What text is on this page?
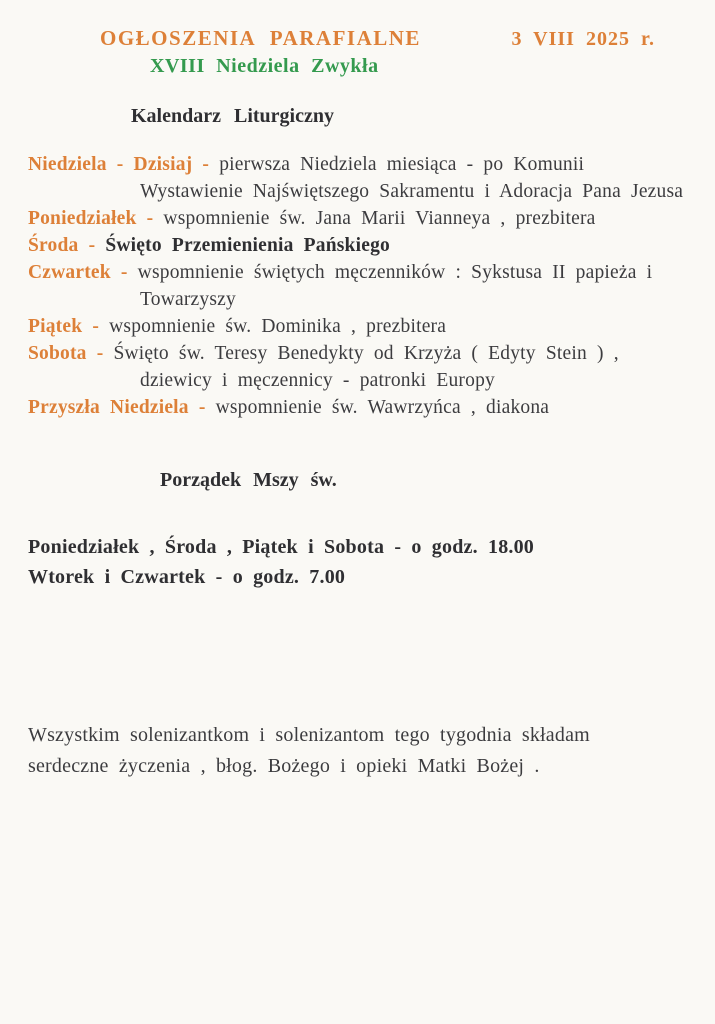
OGŁOSZENIA PARAFIALNE	3 VIII 2025 r.
XVIII Niedziela Zwykła
Kalendarz Liturgiczny

Niedziela - Dzisiaj - pierwsza Niedziela miesiąca - po Komunii Wystawienie Najświętszego Sakramentu i Adoracja Pana Jezusa

Poniedziałek - wspomnienie św. Jana Marii Vianneya , prezbitera

Środa - Święto Przemienienia Pańskiego

Czwartek - wspomnienie świętych męczenników : Sykstusa II papieża i Towarzyszy

Piątek - wspomnienie św. Dominika , prezbitera

Sobota - Święto św. Teresy Benedykty od Krzyża ( Edyty Stein ) , dziewicy i męczennicy - patronki Europy

Przyszła Niedziela - wspomnienie św. Wawrzyńca , diakona

Porządek Mszy św.

Poniedziałek , Środa , Piątek i Sobota - o godz. 18.00

Wtorek i Czwartek - o godz. 7.00

Wszystkim solenizantkom i solenizantom tego tygodnia składam serdeczne życzenia , błog. Bożego i opieki Matki Bożej .
